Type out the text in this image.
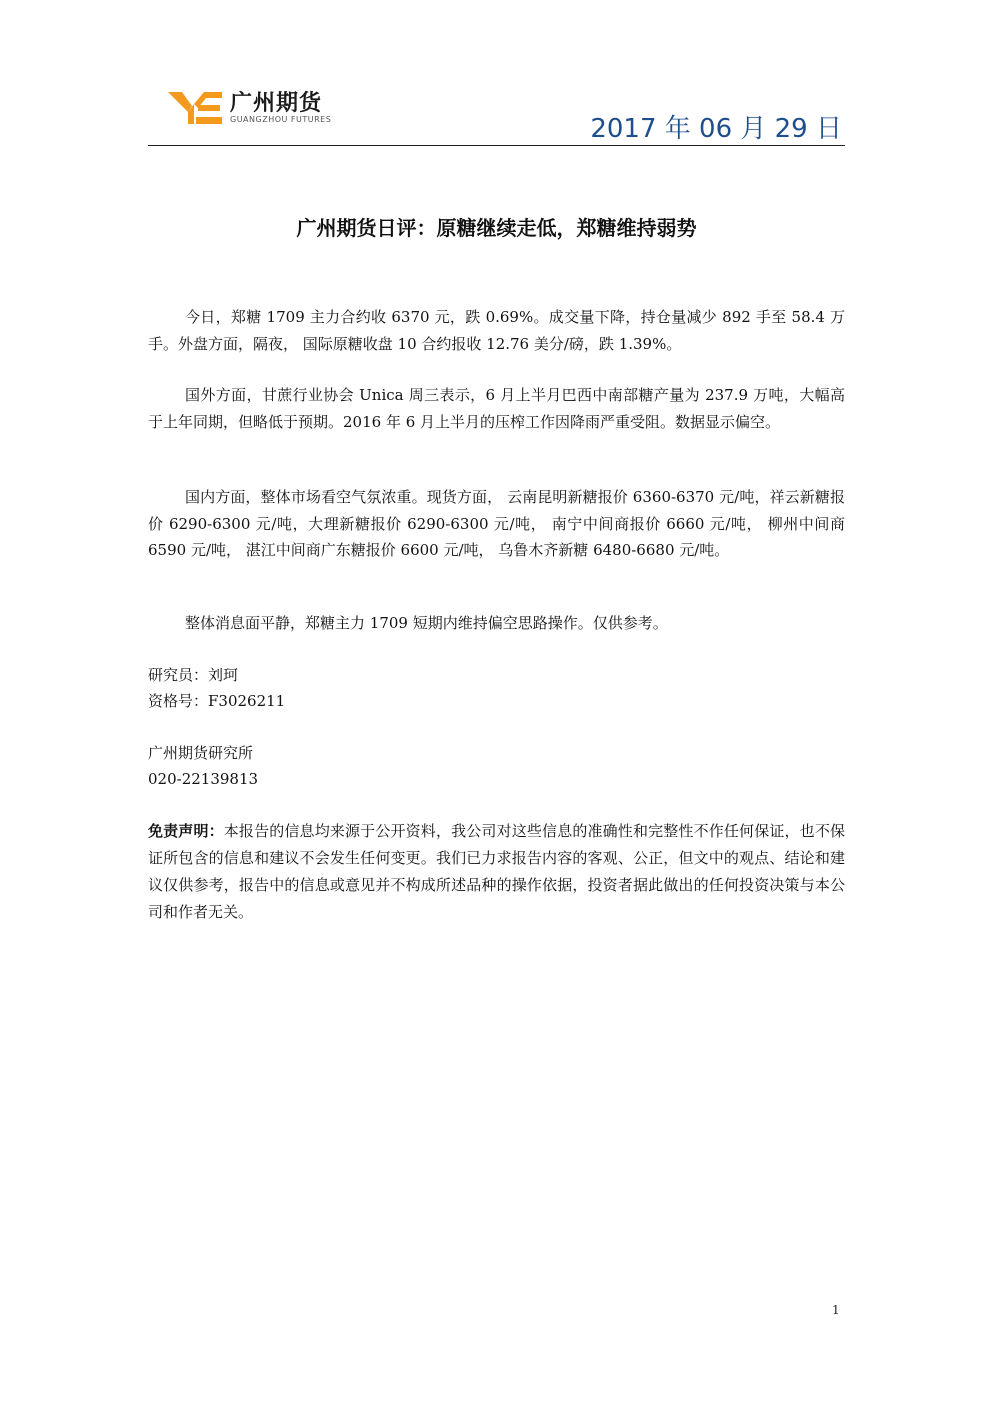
广州期货
GUANGZHOU FUTURES	2017 年 06 月 29 日
广州期货日评：原糖继续走低，郑糖维持弱势

今日，郑糖 1709 主力合约收 6370 元，跌 0.69%。成交量下降，持仓量减少 892 手至 58.4 万手。外盘方面，隔夜， 国际原糖收盘 10 合约报收 12.76 美分/磅，跌 1.39%。

国外方面，甘蔗行业协会 Unica 周三表示，6 月上半月巴西中南部糖产量为 237.9 万吨，大幅高于上年同期，但略低于预期。2016 年 6 月上半月的压榨工作因降雨严重受阻。数据显示偏空。

国内方面，整体市场看空气氛浓重。现货方面， 云南昆明新糖报价 6360-6370 元/吨，祥云新糖报价 6290-6300 元/吨，大理新糖报价 6290-6300 元/吨， 南宁中间商报价 6660 元/吨， 柳州中间商 6590 元/吨， 湛江中间商广东糖报价 6600 元/吨， 乌鲁木齐新糖 6480-6680 元/吨。

整体消息面平静，郑糖主力 1709 短期内维持偏空思路操作。仅供参考。

研究员：刘珂
资格号：F3026211
广州期货研究所
020-22139813

免责声明：本报告的信息均来源于公开资料，我公司对这些信息的准确性和完整性不作任何保证，也不保证所包含的信息和建议不会发生任何变更。我们已力求报告内容的客观、公正，但文中的观点、结论和建议仅供参考，报告中的信息或意见并不构成所述品种的操作依据，投资者据此做出的任何投资决策与本公司和作者无关。

1
